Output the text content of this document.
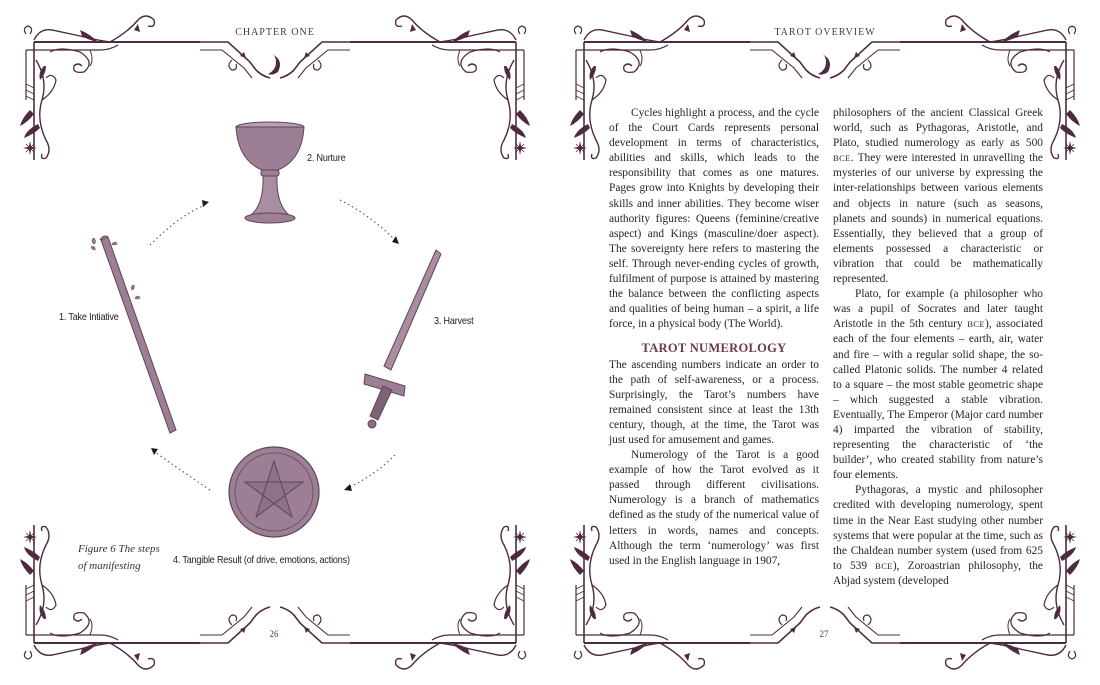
CHAPTER ONE
1. Take Intiative
2. Nurture
3. Harvest
4. Tangible Result (of drive, emotions, actions)
Figure 6 The steps
of manifesting
26
TAROT OVERVIEW

Cycles highlight a process, and the cycle of the Court Cards represents personal development in terms of characteristics, abilities and skills, which leads to the responsibility that comes as one matures. Pages grow into Knights by developing their skills and inner abilities. They become wiser authority figures: Queens (feminine/creative aspect) and Kings (masculine/doer aspect). The sovereignty here refers to mastering the self. Through never-ending cycles of growth, fulfilment of purpose is attained by mastering the balance between the conflicting aspects and qualities of being human – a spirit, a life force, in a physical body (The World).

TAROT NUMEROLOGY

The ascending numbers indicate an order to the path of self-awareness, or a process. Surprisingly, the Tarot’s numbers have remained consistent since at least the 13th century, though, at the time, the Tarot was just used for amusement and games.

Numerology of the Tarot is a good example of how the Tarot evolved as it passed through different civilisations. Numerology is a branch of mathematics defined as the study of the numerical value of letters in words, names and concepts. Although the term ‘numerology’ was first used in the English language in 1907,

philosophers of the ancient Classical Greek world, such as Pythagoras, Aristotle, and Plato, studied numerology as early as 500 BCE. They were interested in unravelling the mysteries of our universe by expressing the inter-relationships between various elements and objects in nature (such as seasons, planets and sounds) in numerical equations. Essentially, they believed that a group of elements possessed a characteristic or vibration that could be mathematically represented.

Plato, for example (a philosopher who was a pupil of Socrates and later taught Aristotle in the 5th century BCE), associated each of the four elements – earth, air, water and fire – with a regular solid shape, the so-called Platonic solids. The number 4 related to a square – the most stable geometric shape – which suggested a stable vibration. Eventually, The Emperor (Major card number 4) imparted the vibration of stability, representing the characteristic of ‘the builder’, who created stability from nature’s four elements.

Pythagoras, a mystic and philosopher credited with developing numerology, spent time in the Near East studying other number systems that were popular at the time, such as the Chaldean number system (used from 625 to 539 BCE), Zoroastrian philosophy, the Abjad system (developed

27
